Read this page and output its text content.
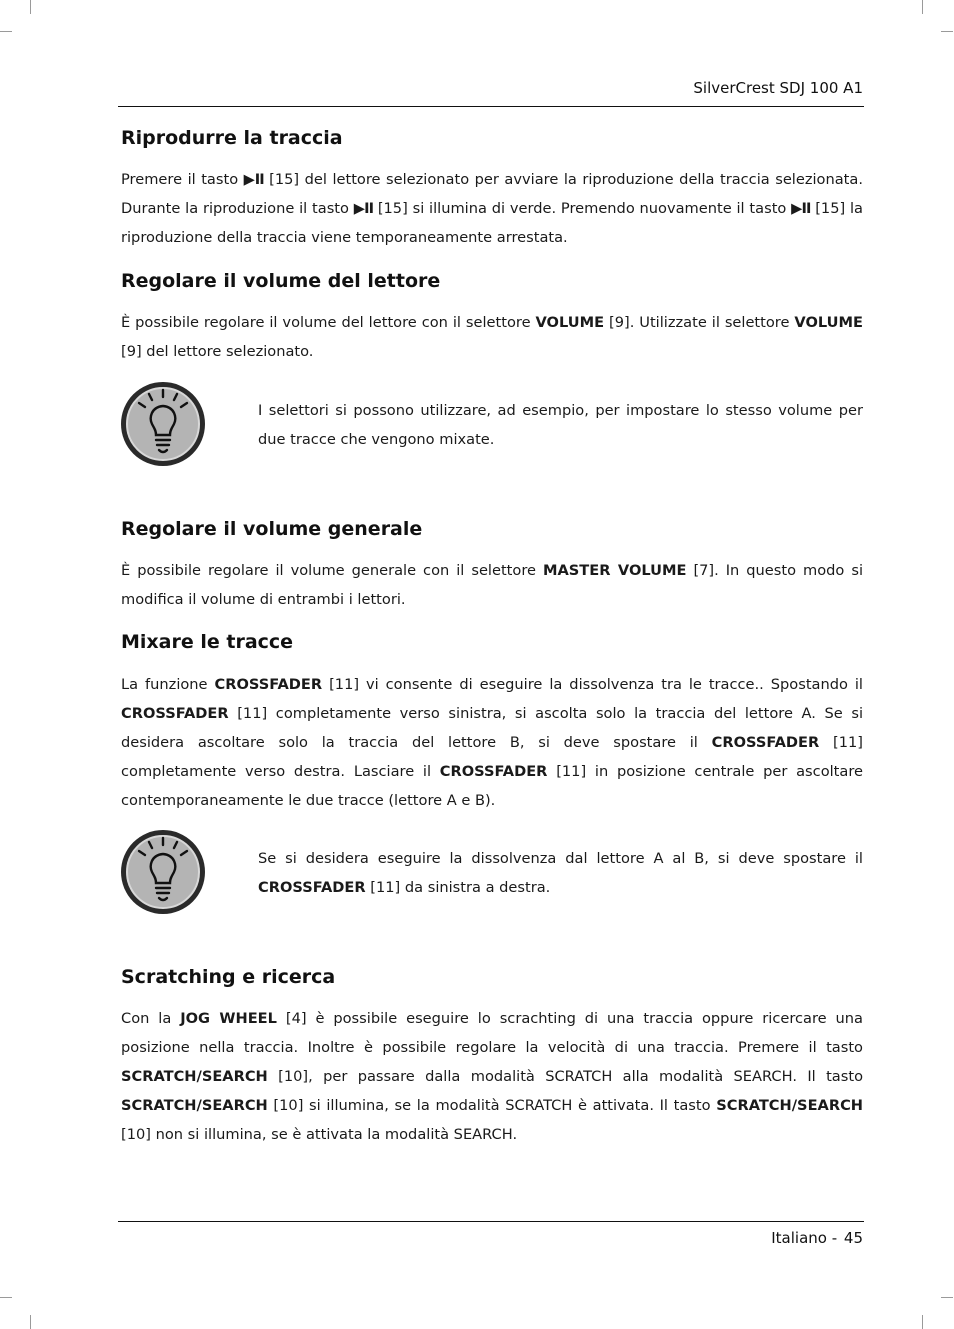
SilverCrest SDJ 100 A1
Riprodurre la traccia

Premere il tasto ▶II [15] del lettore selezionato per avviare la riproduzione della traccia selezionata. Durante la riproduzione il tasto ▶II [15] si illumina di verde. Premendo nuovamente il tasto ▶II [15] la riproduzione della traccia viene temporaneamente arrestata.

Regolare il volume del lettore

È possibile regolare il volume del lettore con il selettore VOLUME [9]. Utilizzate il selettore VOLUME [9] del lettore selezionato.

I selettori si possono utilizzare, ad esempio, per impostare lo stesso volume per due tracce che vengono mixate.

Regolare il volume generale

È possibile regolare il volume generale con il selettore MASTER VOLUME [7]. In questo modo si modifica il volume di entrambi i lettori.

Mixare le tracce

La funzione CROSSFADER [11] vi consente di eseguire la dissolvenza tra le tracce.. Spostando il CROSSFADER [11] completamente verso sinistra, si ascolta solo la traccia del lettore A. Se si desidera ascoltare solo la traccia del lettore B, si deve spostare il CROSSFADER [11] completamente verso destra. Lasciare il CROSSFADER [11] in posizione centrale per ascoltare contemporaneamente le due tracce (lettore A e B).

Se si desidera eseguire la dissolvenza dal lettore A al B, si deve spostare il CROSSFADER [11] da sinistra a destra.

Scratching e ricerca

Con la JOG WHEEL [4] è possibile eseguire lo scrachting di una traccia oppure ricercare una posizione nella traccia. Inoltre è possibile regolare la velocità di una traccia. Premere il tasto SCRATCH/SEARCH [10], per passare dalla modalità SCRATCH alla modalità SEARCH. Il tasto SCRATCH/SEARCH [10] si illumina, se la modalità SCRATCH è attivata. Il tasto SCRATCH/SEARCH [10] non si illumina, se è attivata la modalità SEARCH.

Italiano - 45
